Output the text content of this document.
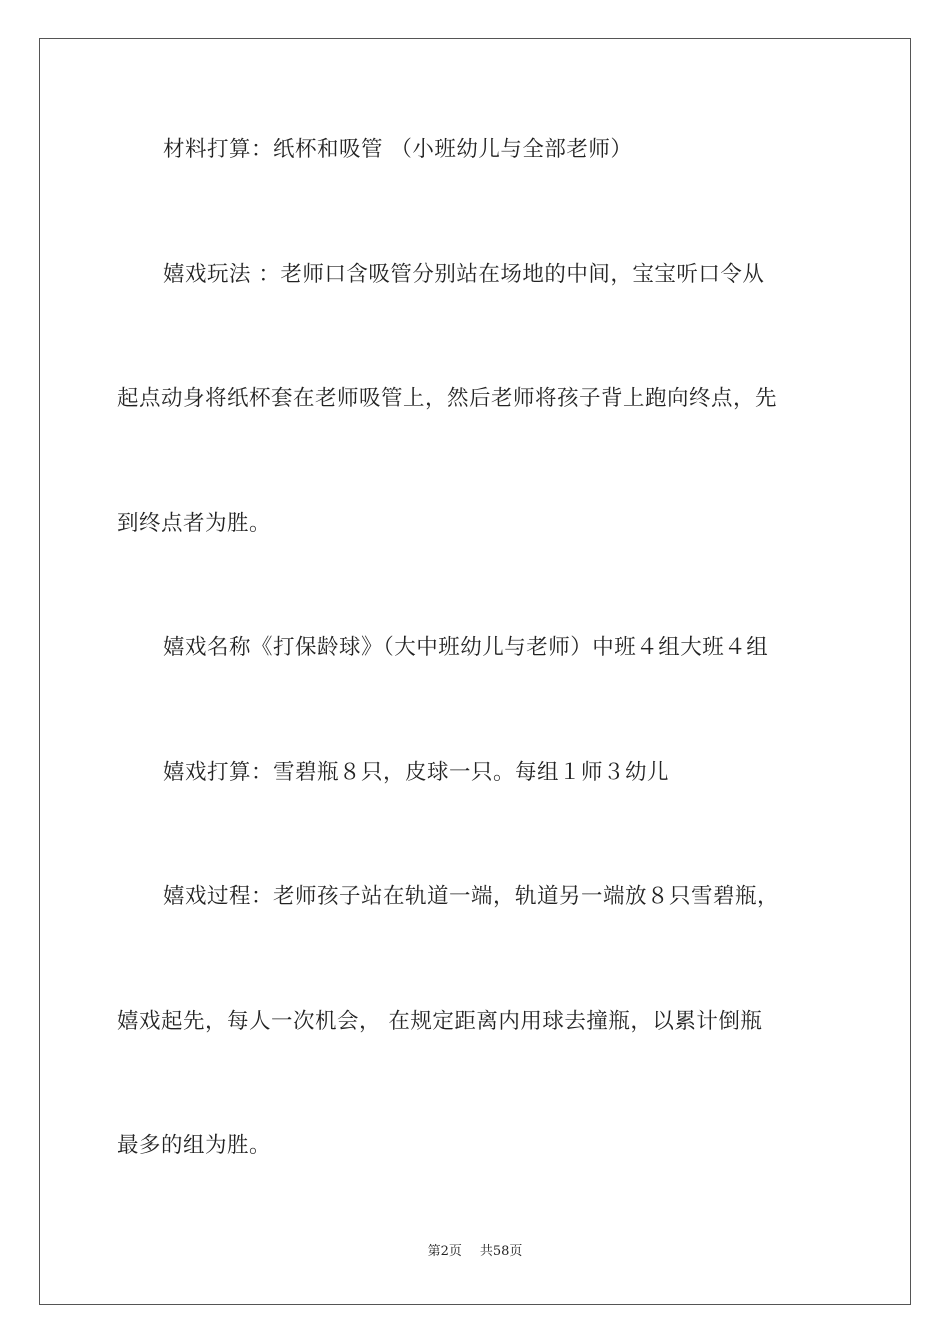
材料打算：纸杯和吸管 （小班幼儿与全部老师）
嬉戏玩法 ：老师口含吸管分别站在场地的中间，宝宝听口令从
起点动身将纸杯套在老师吸管上，然后老师将孩子背上跑向终点，先
到终点者为胜。
嬉戏名称《打保龄球》（大中班幼儿与老师）中班４组大班４组
嬉戏打算：雪碧瓶８只，皮球一只。每组１师３幼儿
嬉戏过程：老师孩子站在轨道一端，轨道另一端放８只雪碧瓶，
嬉戏起先，每人一次机会， 在规定距离内用球去撞瓶，以累计倒瓶
最多的组为胜。
第2页 共58页
